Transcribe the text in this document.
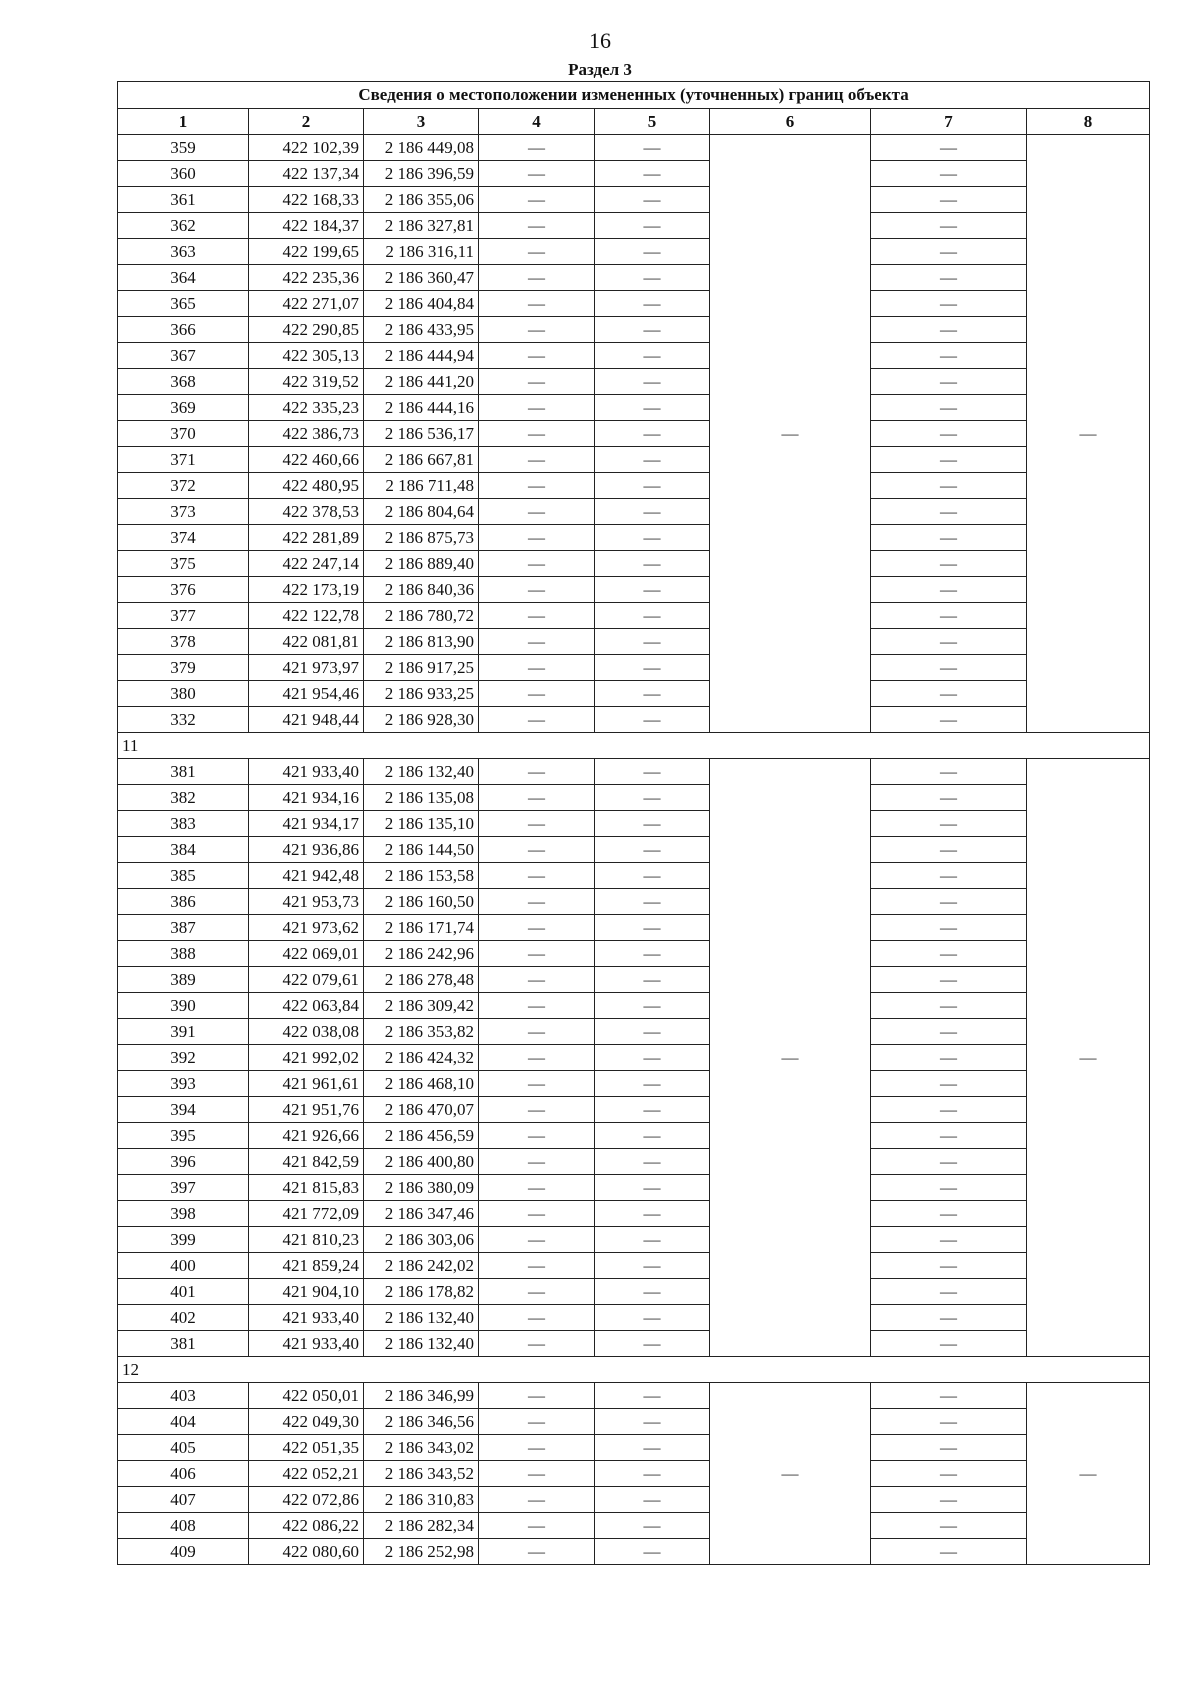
16
Раздел 3
Сведения о местоположении измененных (уточненных) границ объекта							
1	2	3	4	5	6	7	8
359	422 102,39	2 186 449,08	—	—	—	—	—
360	422 137,34	2 186 396,59	—	—		—	
361	422 168,33	2 186 355,06	—	—		—	
362	422 184,37	2 186 327,81	—	—		—	
363	422 199,65	2 186 316,11	—	—		—	
364	422 235,36	2 186 360,47	—	—		—	
365	422 271,07	2 186 404,84	—	—		—	
366	422 290,85	2 186 433,95	—	—		—	
367	422 305,13	2 186 444,94	—	—		—	
368	422 319,52	2 186 441,20	—	—		—	
369	422 335,23	2 186 444,16	—	—		—	
370	422 386,73	2 186 536,17	—	—		—	
371	422 460,66	2 186 667,81	—	—		—	
372	422 480,95	2 186 711,48	—	—		—	
373	422 378,53	2 186 804,64	—	—		—	
374	422 281,89	2 186 875,73	—	—		—	
375	422 247,14	2 186 889,40	—	—		—	
376	422 173,19	2 186 840,36	—	—		—	
377	422 122,78	2 186 780,72	—	—		—	
378	422 081,81	2 186 813,90	—	—		—	
379	421 973,97	2 186 917,25	—	—		—	
380	421 954,46	2 186 933,25	—	—		—	
332	421 948,44	2 186 928,30	—	—		—	
11							
381	421 933,40	2 186 132,40	—	—	—	—	—
382	421 934,16	2 186 135,08	—	—		—	
383	421 934,17	2 186 135,10	—	—		—	
384	421 936,86	2 186 144,50	—	—		—	
385	421 942,48	2 186 153,58	—	—		—	
386	421 953,73	2 186 160,50	—	—		—	
387	421 973,62	2 186 171,74	—	—		—	
388	422 069,01	2 186 242,96	—	—		—	
389	422 079,61	2 186 278,48	—	—		—	
390	422 063,84	2 186 309,42	—	—		—	
391	422 038,08	2 186 353,82	—	—		—	
392	421 992,02	2 186 424,32	—	—		—	
393	421 961,61	2 186 468,10	—	—		—	
394	421 951,76	2 186 470,07	—	—		—	
395	421 926,66	2 186 456,59	—	—		—	
396	421 842,59	2 186 400,80	—	—		—	
397	421 815,83	2 186 380,09	—	—		—	
398	421 772,09	2 186 347,46	—	—		—	
399	421 810,23	2 186 303,06	—	—		—	
400	421 859,24	2 186 242,02	—	—		—	
401	421 904,10	2 186 178,82	—	—		—	
402	421 933,40	2 186 132,40	—	—		—	
381	421 933,40	2 186 132,40	—	—		—	
12							
403	422 050,01	2 186 346,99	—	—	—	—	—
404	422 049,30	2 186 346,56	—	—		—	
405	422 051,35	2 186 343,02	—	—		—	
406	422 052,21	2 186 343,52	—	—		—	
407	422 072,86	2 186 310,83	—	—		—	
408	422 086,22	2 186 282,34	—	—		—	
409	422 080,60	2 186 252,98	—	—		—	
